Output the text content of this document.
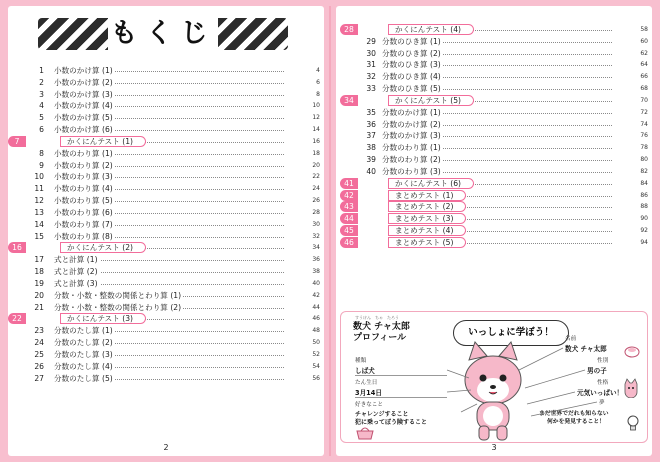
もくじ
1	小数のかけ算 (1)	4
2	小数のかけ算 (2)	6
3	小数のかけ算 (3)	8
4	小数のかけ算 (4)	10
5	小数のかけ算 (5)	12
6	小数のかけ算 (6)	14
7	かくにんテスト (1)	16
8	小数のわり算 (1)	18
9	小数のわり算 (2)	20
10	小数のわり算 (3)	22
11	小数のわり算 (4)	24
12	小数のわり算 (5)	26
13	小数のわり算 (6)	28
14	小数のわり算 (7)	30
15	小数のわり算 (8)	32
16	かくにんテスト (2)	34
17	式と計算 (1)	36
18	式と計算 (2)	38
19	式と計算 (3)	40
20	分数・小数・整数の関係とわり算 (1)	42
21	分数・小数・整数の関係とわり算 (2)	44
22	かくにんテスト (3)	46
23	分数のたし算 (1)	48
24	分数のたし算 (2)	50
25	分数のたし算 (3)	52
26	分数のたし算 (4)	54
27	分数のたし算 (5)	56
2
28	かくにんテスト (4)	58
29 分数のひき算 (1)	60
30 分数のひき算 (2)	62
31 分数のひき算 (3)	64
32 分数のひき算 (4)	66
33 分数のひき算 (5)	68
34	かくにんテスト (5)	70
35 分数のかけ算 (1)	72
36 分数のかけ算 (2)	74
37 分数のかけ算 (3)	76
38 分数のわり算 (1)	78
39 分数のわり算 (2)	80
40 分数のわり算 (3)	82
41	かくにんテスト (6)	84
42	まとめテスト (1)	86
43	まとめテスト (2)	88
44	まとめテスト (3)	90
45	まとめテスト (4)	92
46	まとめテスト (5)	94
すうけん　ちゃ　たろう
数犬 チャ太郎
プロフィール	いっしょに学ぼう！
種類
しば犬
たん生日
3月14日
好きなこと
チャレンジすること
犯に乗ってぼう険すること
名前
数犬 チャ太郎
性別
男の子
性格
元気いっぱい！
夢
まだ世界でだれも知らない
何かを発見すること！
3
